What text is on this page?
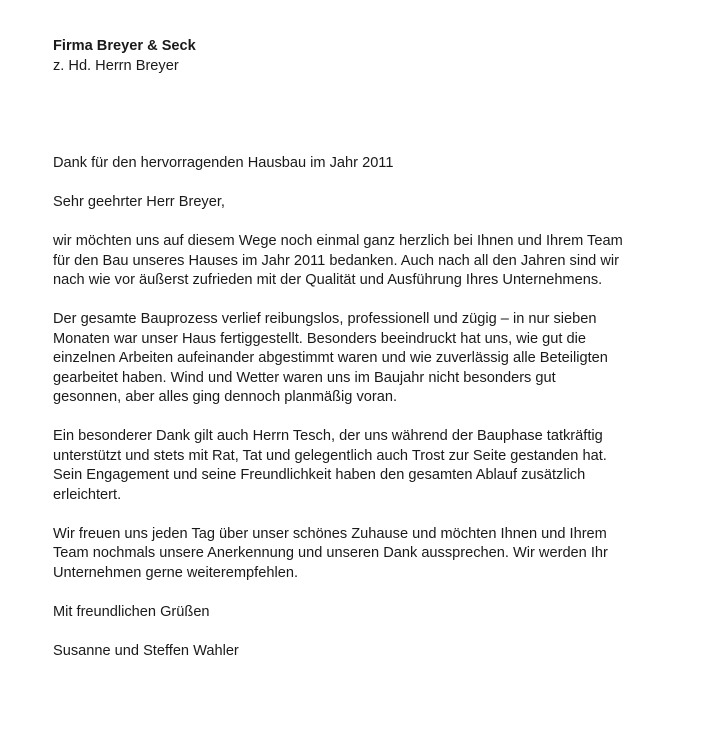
Firma Breyer & Seck
z. Hd. Herrn Breyer
Dank für den hervorragenden Hausbau im Jahr 2011

Sehr geehrter Herr Breyer,

wir möchten uns auf diesem Wege noch einmal ganz herzlich bei Ihnen und Ihrem Team
für den Bau unseres Hauses im Jahr 2011 bedanken. Auch nach all den Jahren sind wir
nach wie vor äußerst zufrieden mit der Qualität und Ausführung Ihres Unternehmens.

Der gesamte Bauprozess verlief reibungslos, professionell und zügig – in nur sieben
Monaten war unser Haus fertiggestellt. Besonders beeindruckt hat uns, wie gut die
einzelnen Arbeiten aufeinander abgestimmt waren und wie zuverlässig alle Beteiligten
gearbeitet haben. Wind und Wetter waren uns im Baujahr nicht besonders gut
gesonnen, aber alles ging dennoch planmäßig voran.

Ein besonderer Dank gilt auch Herrn Tesch, der uns während der Bauphase tatkräftig
unterstützt und stets mit Rat, Tat und gelegentlich auch Trost zur Seite gestanden hat.
Sein Engagement und seine Freundlichkeit haben den gesamten Ablauf zusätzlich
erleichtert.

Wir freuen uns jeden Tag über unser schönes Zuhause und möchten Ihnen und Ihrem
Team nochmals unsere Anerkennung und unseren Dank aussprechen. Wir werden Ihr
Unternehmen gerne weiterempfehlen.

Mit freundlichen Grüßen
Susanne und Steffen Wahler
